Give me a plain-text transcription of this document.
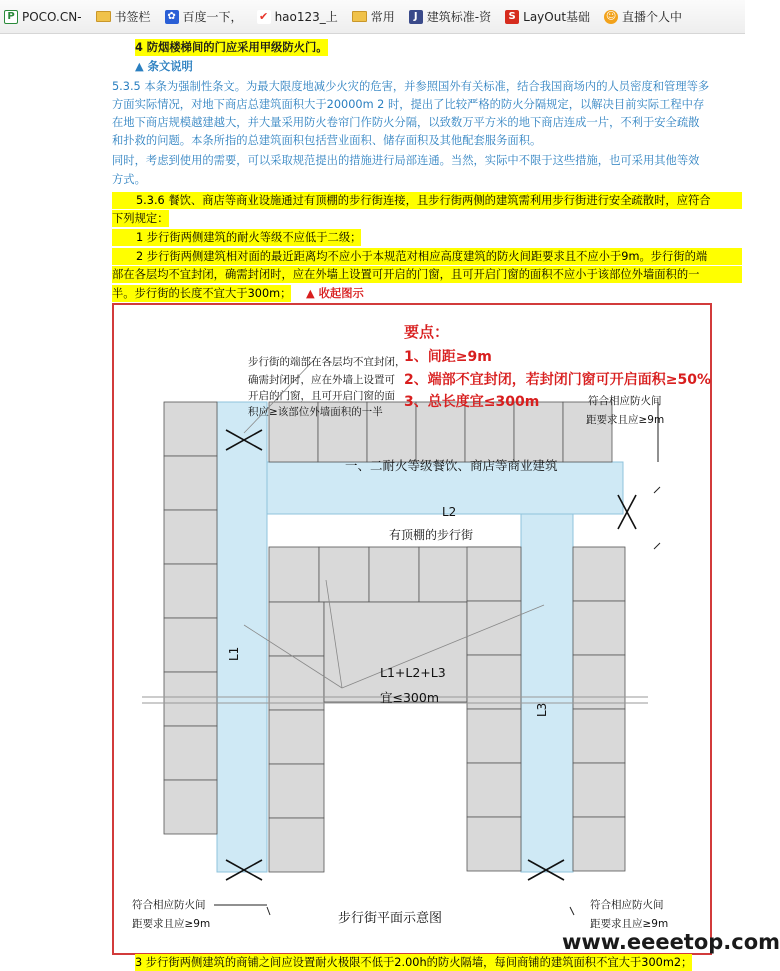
P POCO.CN-	书签栏 ✿ 百度一下， ✔ hao123_上	常用	J 建筑标准-资	S LayOut基础 ☺ 直播个人中
4 防烟楼梯间的门应采用甲级防火门。
▲ 条文说明
5.3.5 本条为强制性条文。为最大限度地减少火灾的危害，并参照国外有关标准，结合我国商场内的人员密度和管理等多
方面实际情况，对地下商店总建筑面积大于20000m 2 时，提出了比较严格的防火分隔规定，以解决目前实际工程中存
在地下商店规模越建越大，并大量采用防火卷帘门作防火分隔，以致数万平方米的地下商店连成一片，不利于安全疏散
和扑救的问题。本条所指的总建筑面积包括营业面积、储存面积及其他配套服务面积。
同时，考虑到使用的需要，可以采取规范提出的措施进行局部连通。当然，实际中不限于这些措施，也可采用其他等效
方式。
5.3.6 餐饮、商店等商业设施通过有顶棚的步行街连接，且步行街两侧的建筑需利用步行街进行安全疏散时，应符合
下列规定：
1 步行街两侧建筑的耐火等级不应低于二级；
2 步行街两侧建筑相对面的最近距离均不应小于本规范对相应高度建筑的防火间距要求且不应小于9m。步行街的端
部在各层均不宜封闭，确需封闭时，应在外墙上设置可开启的门窗，且可开启门窗的面积不应小于该部位外墙面积的一
半。步行街的长度不宜大于300m； ▲ 收起图示
要点：
1、间距≥9m
2、端部不宜封闭，若封闭门窗可开启面积≥50%
3、总长度宜≤300m
步行街的端部在各层均不宜封闭，
确需封闭时，应在外墙上设置可
开启的门窗，且可开启门窗的面
积应≥该部位外墙面积的一半
符合相应防火间
距要求且应≥9m
一、二耐火等级餐饮、商店等商业建筑
L2
有顶棚的步行街
L1
L3
L1+L2+L3
宜≤300m
符合相应防火间
距要求且应≥9m
符合相应防火间
距要求且应≥9m
步行街平面示意图
3 步行街两侧建筑的商铺之间应设置耐火极限不低于2.00h的防火隔墙，每间商铺的建筑面积不宜大于300m2；
www.eeeetop.com
